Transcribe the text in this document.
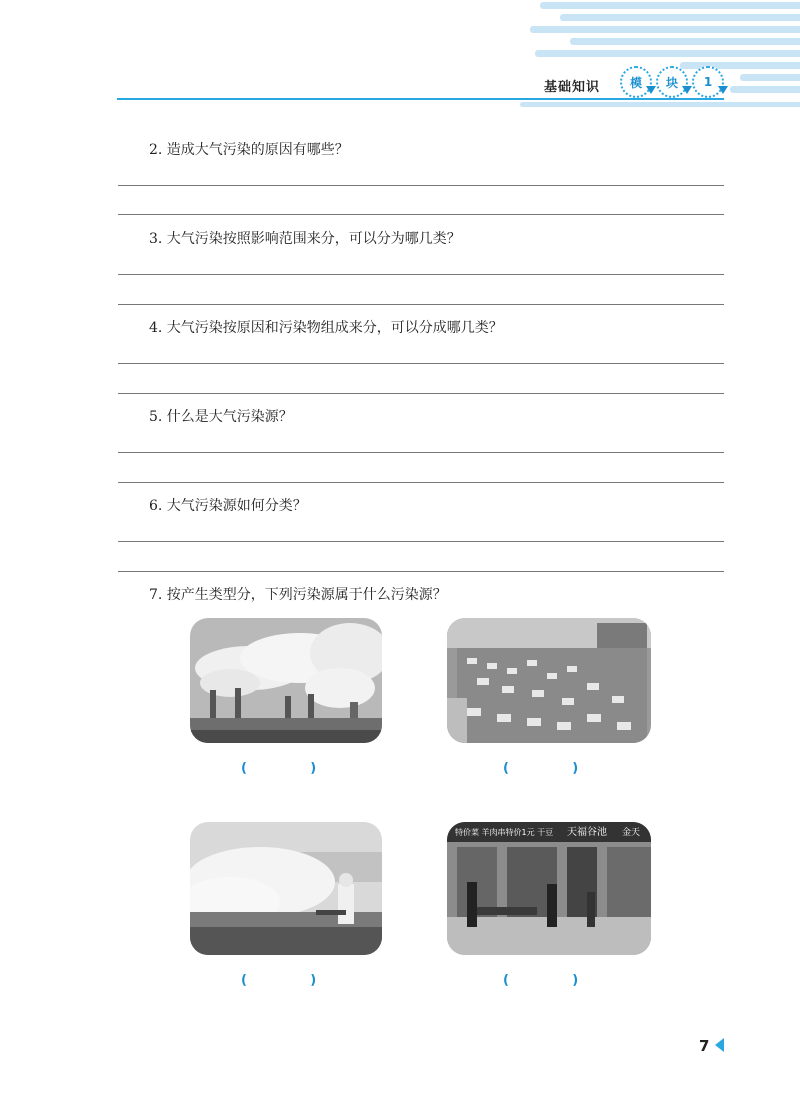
基础知识 模 块 1
2. 造成大气污染的原因有哪些？
3. 大气污染按照影响范围来分，可以分为哪几类？
4. 大气污染按原因和污染物组成来分，可以分成哪几类？
5. 什么是大气污染源？
6. 大气污染源如何分类？
7. 按产生类型分，下列污染源属于什么污染源？
(              )	(              )
特价菜 羊肉串特价1元 干豆 天福谷池 金天
(              )	(              )
7
